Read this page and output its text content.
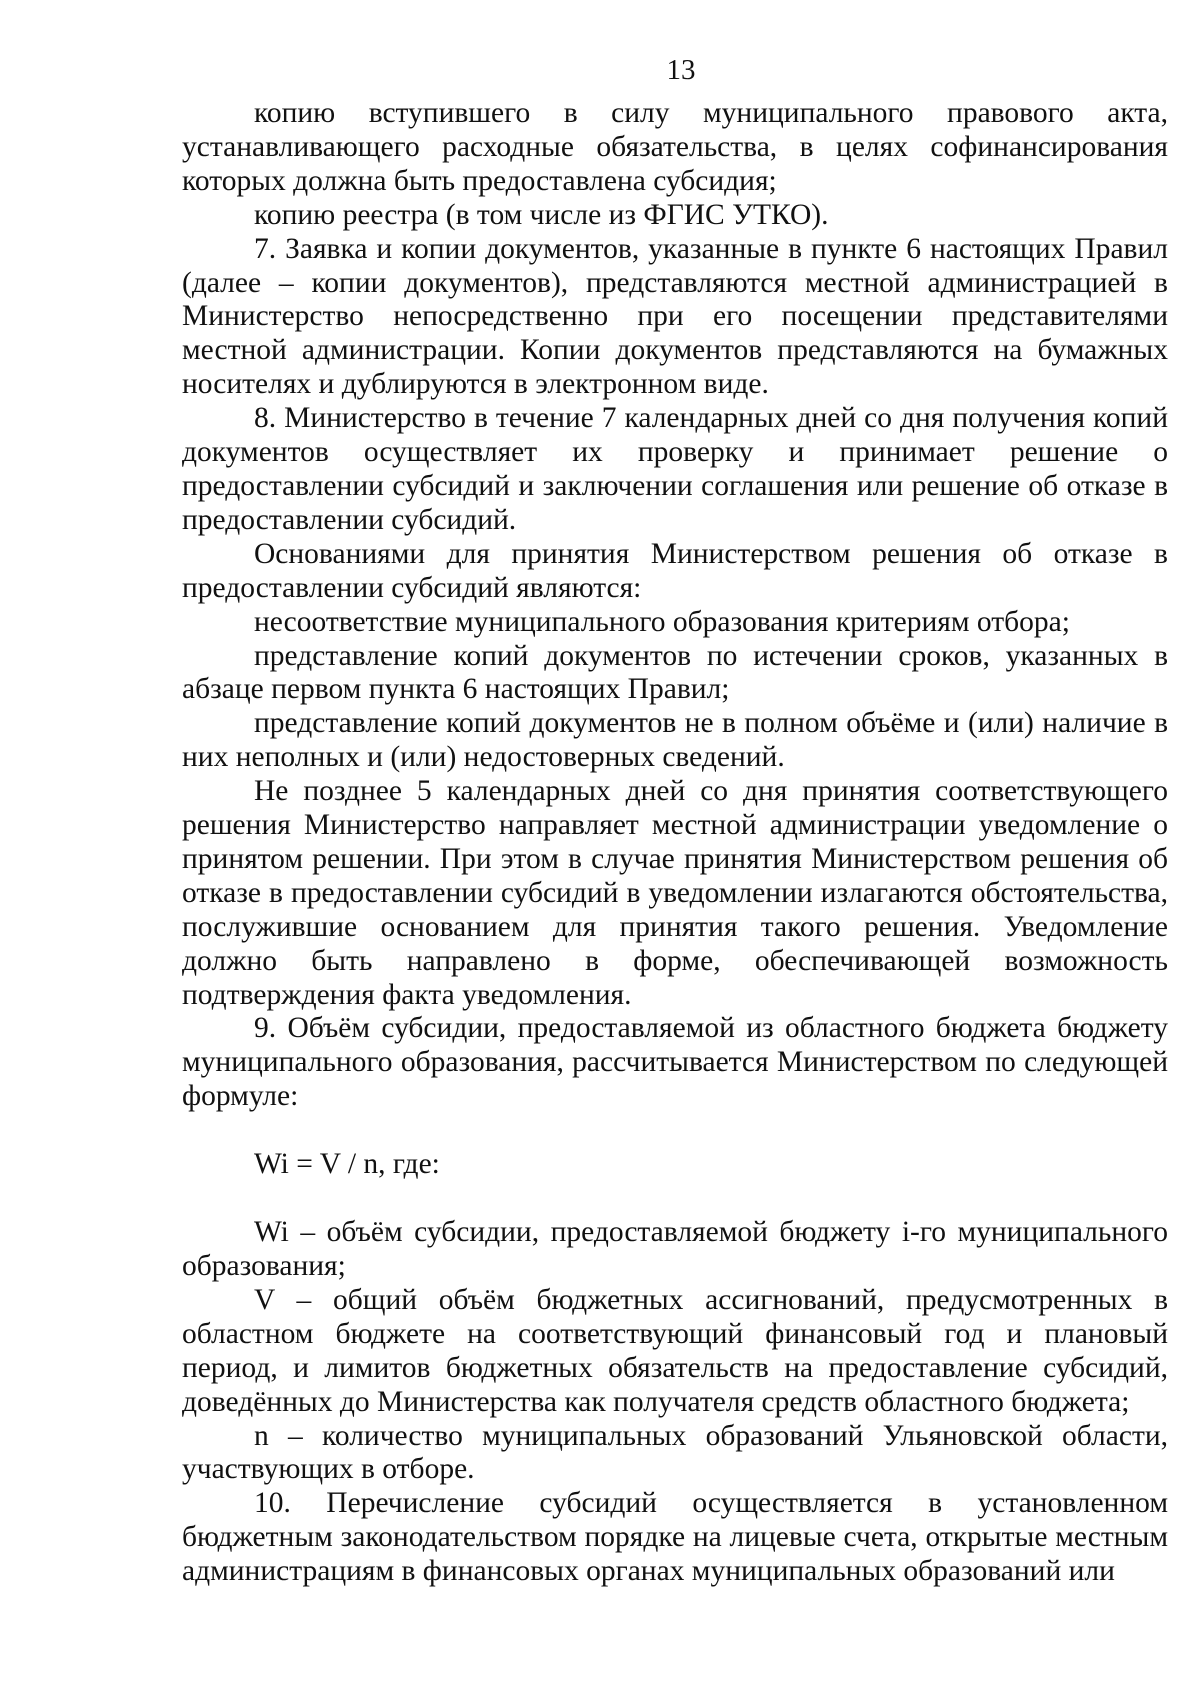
13

копию вступившего в силу муниципального правового акта, устанавливающего расходные обязательства, в целях софинансирования которых должна быть предоставлена субсидия;

копию реестра (в том числе из ФГИС УТКО).

7. Заявка и копии документов, указанные в пункте 6 настоящих Правил (далее – копии документов), представляются местной администрацией в Министерство непосредственно при его посещении представителями местной администрации. Копии документов представляются на бумажных носителях и дублируются в электронном виде.

8. Министерство в течение 7 календарных дней со дня получения копий документов осуществляет их проверку и принимает решение о предоставлении субсидий и заключении соглашения или решение об отказе в предоставлении субсидий.

Основаниями для принятия Министерством решения об отказе в предоставлении субсидий являются:

несоответствие муниципального образования критериям отбора;

представление копий документов по истечении сроков, указанных в абзаце первом пункта 6 настоящих Правил;

представление копий документов не в полном объёме и (или) наличие в них неполных и (или) недостоверных сведений.

Не позднее 5 календарных дней со дня принятия соответствующего решения Министерство направляет местной администрации уведомление о принятом решении. При этом в случае принятия Министерством решения об отказе в предоставлении субсидий в уведомлении излагаются обстоятельства, послужившие основанием для принятия такого решения. Уведомление должно быть направлено в форме, обеспечивающей возможность подтверждения факта уведомления.

9. Объём субсидии, предоставляемой из областного бюджета бюджету муниципального образования, рассчитывается Министерством по следующей формуле:

Wi = V / n, где:

Wi – объём субсидии, предоставляемой бюджету i-го муниципального образования;

V – общий объём бюджетных ассигнований, предусмотренных в областном бюджете на соответствующий финансовый год и плановый период, и лимитов бюджетных обязательств на предоставление субсидий, доведённых до Министерства как получателя средств областного бюджета;

n – количество муниципальных образований Ульяновской области, участвующих в отборе.

10. Перечисление субсидий осуществляется в установленном бюджетным законодательством порядке на лицевые счета, открытые местным администрациям в финансовых органах муниципальных образований или
